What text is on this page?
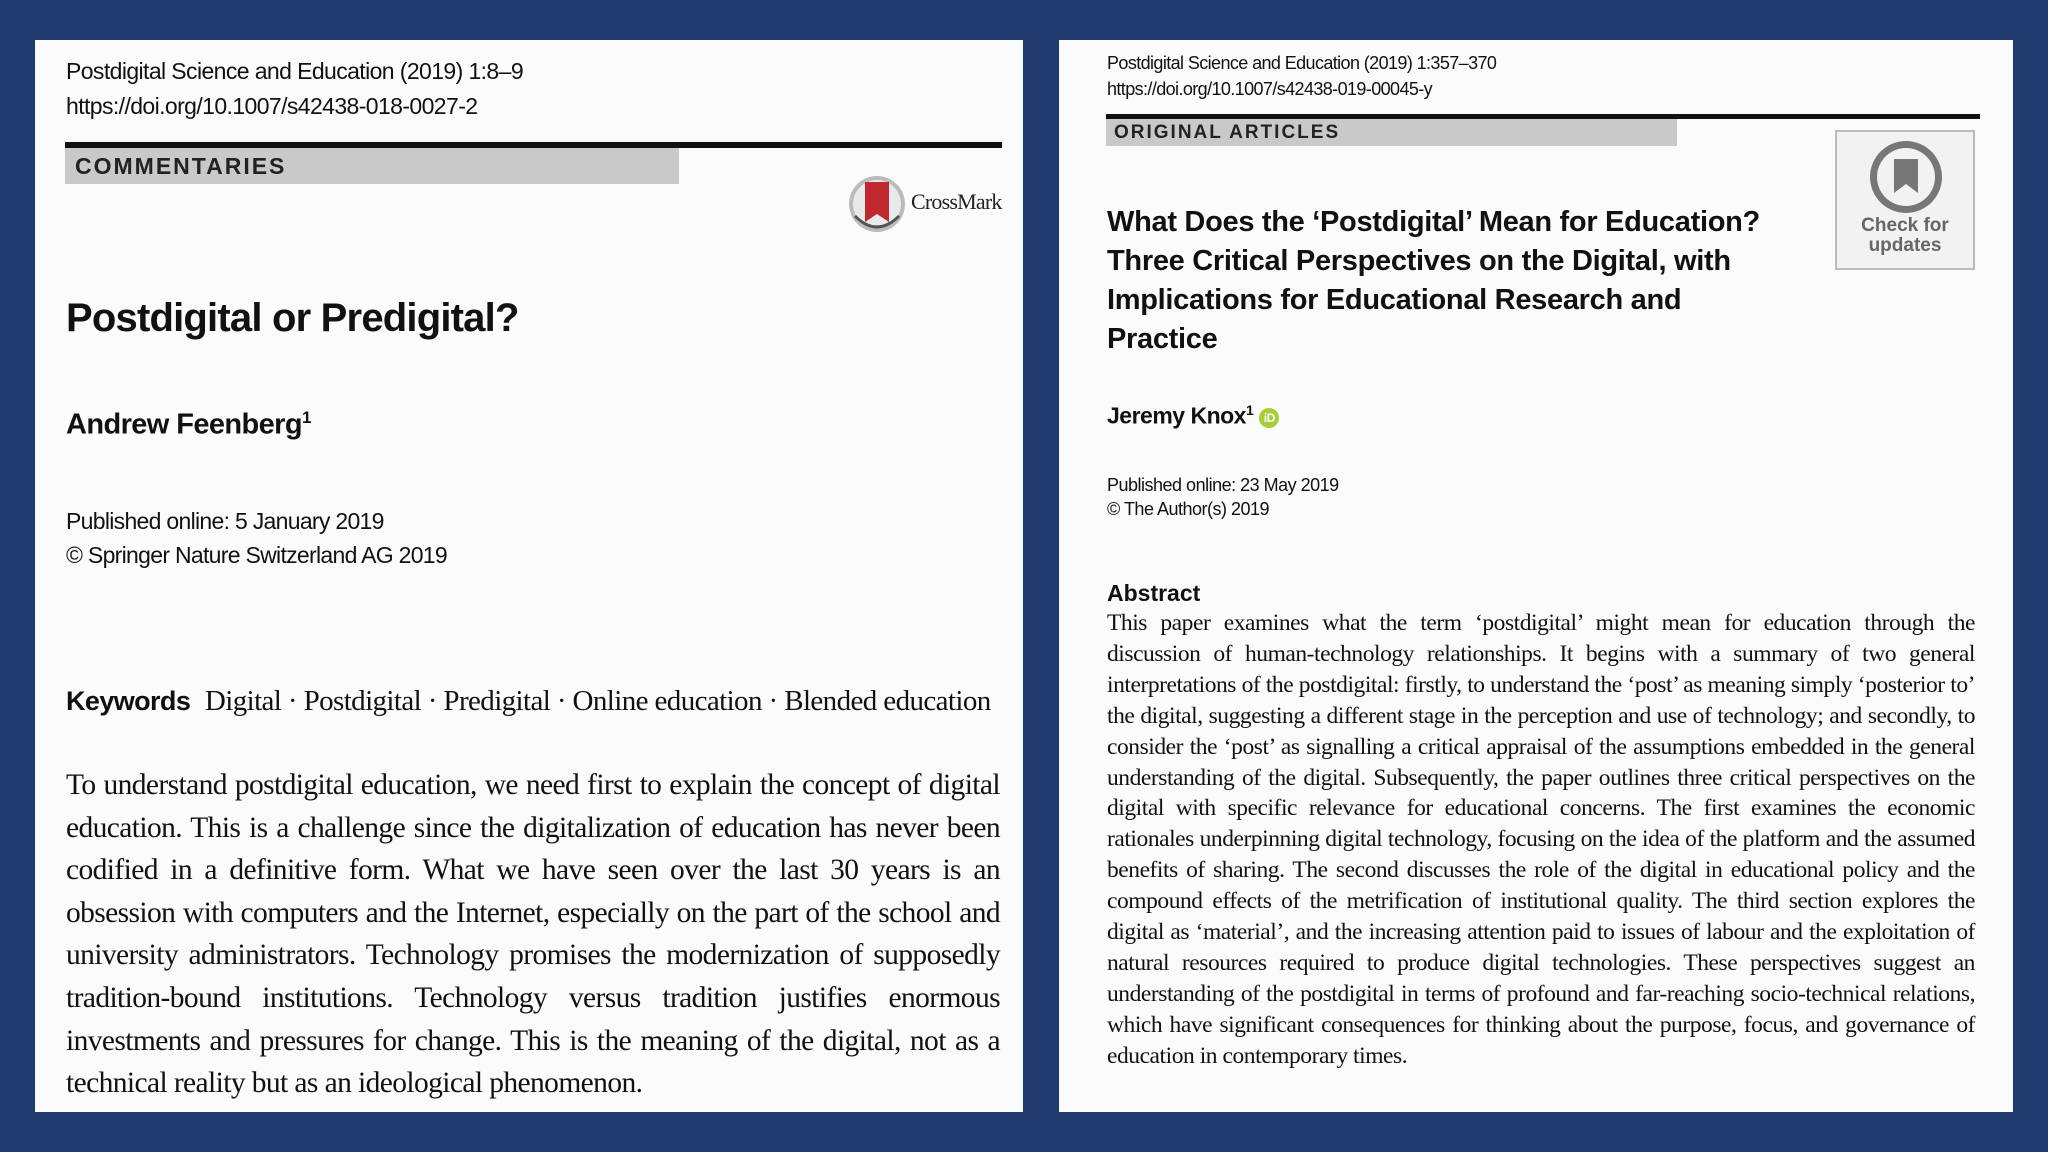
Postdigital Science and Education (2019) 1:8–9
https://doi.org/10.1007/s42438-018-0027-2
COMMENTARIES
CrossMark
Postdigital or Predigital?
Andrew Feenberg$^1$
Published online: 5 January 2019
© Springer Nature Switzerland AG 2019
Keywords Digital · Postdigital · Predigital · Online education · Blended education

To understand postdigital education, we need first to explain the concept of digital education. This is a challenge since the digitalization of education has never been codified in a definitive form. What we have seen over the last 30 years is an obsession with computers and the Internet, especially on the part of the school and university administrators. Technology promises the modernization of supposedly tradition-bound institutions. Technology versus tradition justifies enormous investments and pressures for change. This is the meaning of the digital, not as a technical reality but as an ideological phenomenon.

Postdigital Science and Education (2019) 1:357–370
https://doi.org/10.1007/s42438-019-00045-y
ORIGINAL ARTICLES
Check for updates

What Does the ‘Postdigital’ Mean for Education? Three Critical Perspectives on the Digital, with Implications for Educational Research and Practice

Jeremy Knox$^1$ iD
Published online: 23 May 2019
© The Author(s) 2019
Abstract

This paper examines what the term ‘postdigital’ might mean for education through the discussion of human-technology relationships. It begins with a summary of two general interpretations of the postdigital: firstly, to understand the ‘post’ as meaning simply ‘posterior to’ the digital, suggesting a different stage in the perception and use of technology; and secondly, to consider the ‘post’ as signalling a critical appraisal of the assumptions embedded in the general understanding of the digital. Subsequently, the paper outlines three critical perspectives on the digital with specific relevance for educational concerns. The first examines the economic rationales underpinning digital technology, focusing on the idea of the platform and the assumed benefits of sharing. The second discusses the role of the digital in educational policy and the compound effects of the metrification of institutional quality. The third section explores the digital as ‘material’, and the increasing attention paid to issues of labour and the exploitation of natural resources required to produce digital technologies. These perspectives suggest an understanding of the postdigital in terms of profound and far-reaching socio-technical relations, which have significant consequences for thinking about the purpose, focus, and governance of education in contemporary times.
